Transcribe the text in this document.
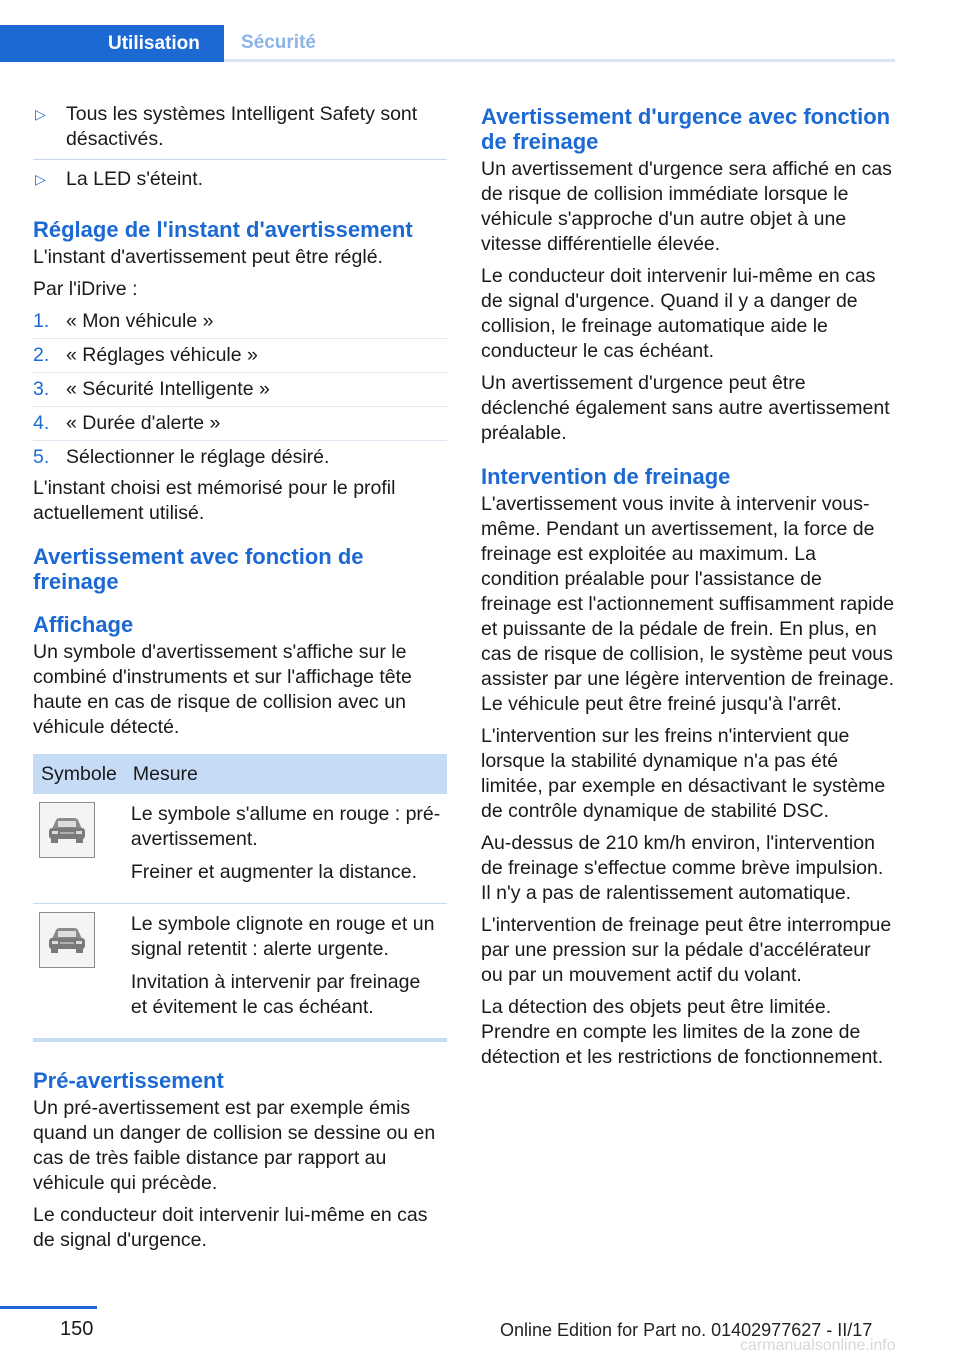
Utilisation	Sécurité
▷ Tous les systèmes Intelligent Safety sont désactivés.
▷ La LED s'éteint.
Réglage de l'instant d'avertissement

L'instant d'avertissement peut être réglé.

Par l'iDrive :

1. « Mon véhicule »
2. « Réglages véhicule »
3. « Sécurité Intelligente »
4. « Durée d'alerte »
5. Sélectionner le réglage désiré.

L'instant choisi est mémorisé pour le profil actuellement utilisé.

Avertissement avec fonction de freinage
Affichage

Un symbole d'avertissement s'affiche sur le combiné d'instruments et sur l'affichage tête haute en cas de risque de collision avec un véhicule détecté.

Symbole	Mesure

Le symbole s'allume en rouge : pré-avertissement.

Freiner et augmenter la distance.

Le symbole clignote en rouge et un signal retentit : alerte urgente.

Invitation à intervenir par freinage et évitement le cas échéant.

Pré-avertissement

Un pré-avertissement est par exemple émis quand un danger de collision se dessine ou en cas de très faible distance par rapport au véhicule qui précède.

Le conducteur doit intervenir lui-même en cas de signal d'urgence.

Avertissement d'urgence avec fonction de freinage

Un avertissement d'urgence sera affiché en cas de risque de collision immédiate lorsque le véhicule s'approche d'un autre objet à une vitesse différentielle élevée.

Le conducteur doit intervenir lui-même en cas de signal d'urgence. Quand il y a danger de collision, le freinage automatique aide le conducteur le cas échéant.

Un avertissement d'urgence peut être déclenché également sans autre avertissement préalable.

Intervention de freinage

L'avertissement vous invite à intervenir vous-même. Pendant un avertissement, la force de freinage est exploitée au maximum. La condition préalable pour l'assistance de freinage est l'actionnement suffisamment rapide et puissante de la pédale de frein. En plus, en cas de risque de collision, le système peut vous assister par une légère intervention de freinage. Le véhicule peut être freiné jusqu'à l'arrêt.

L'intervention sur les freins n'intervient que lorsque la stabilité dynamique n'a pas été limitée, par exemple en désactivant le système de contrôle dynamique de stabilité DSC.

Au-dessus de 210 km/h environ, l'intervention de freinage s'effectue comme brève impulsion. Il n'y a pas de ralentissement automatique.

L'intervention de freinage peut être interrompue par une pression sur la pédale d'accélérateur ou par un mouvement actif du volant.

La détection des objets peut être limitée. Prendre en compte les limites de la zone de détection et les restrictions de fonctionnement.

150	Online Edition for Part no. 01402977627 - II/17
carmanualsonline.info
